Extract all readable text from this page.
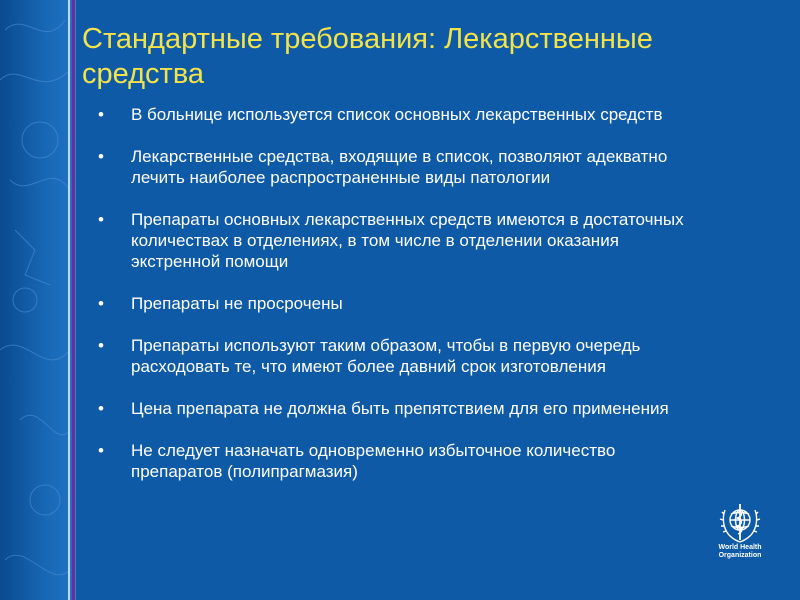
Стандартные требования: Лекарственные средства
• В больнице используется список основных лекарственных средств
• Лекарственные средства, входящие в список, позволяют адекватно лечить наиболее распространенные виды патологии
• Препараты основных лекарственных средств имеются в достаточных количествах в отделениях, в том числе в отделении оказания экстренной помощи
• Препараты не просрочены
• Препараты используют таким образом, чтобы в первую очередь расходовать те, что имеют более давний срок изготовления
• Цена препарата не должна быть препятствием для его применения
• Не следует назначать одновременно избыточное количество препаратов (полипрагмазия)
World Health
Organization
